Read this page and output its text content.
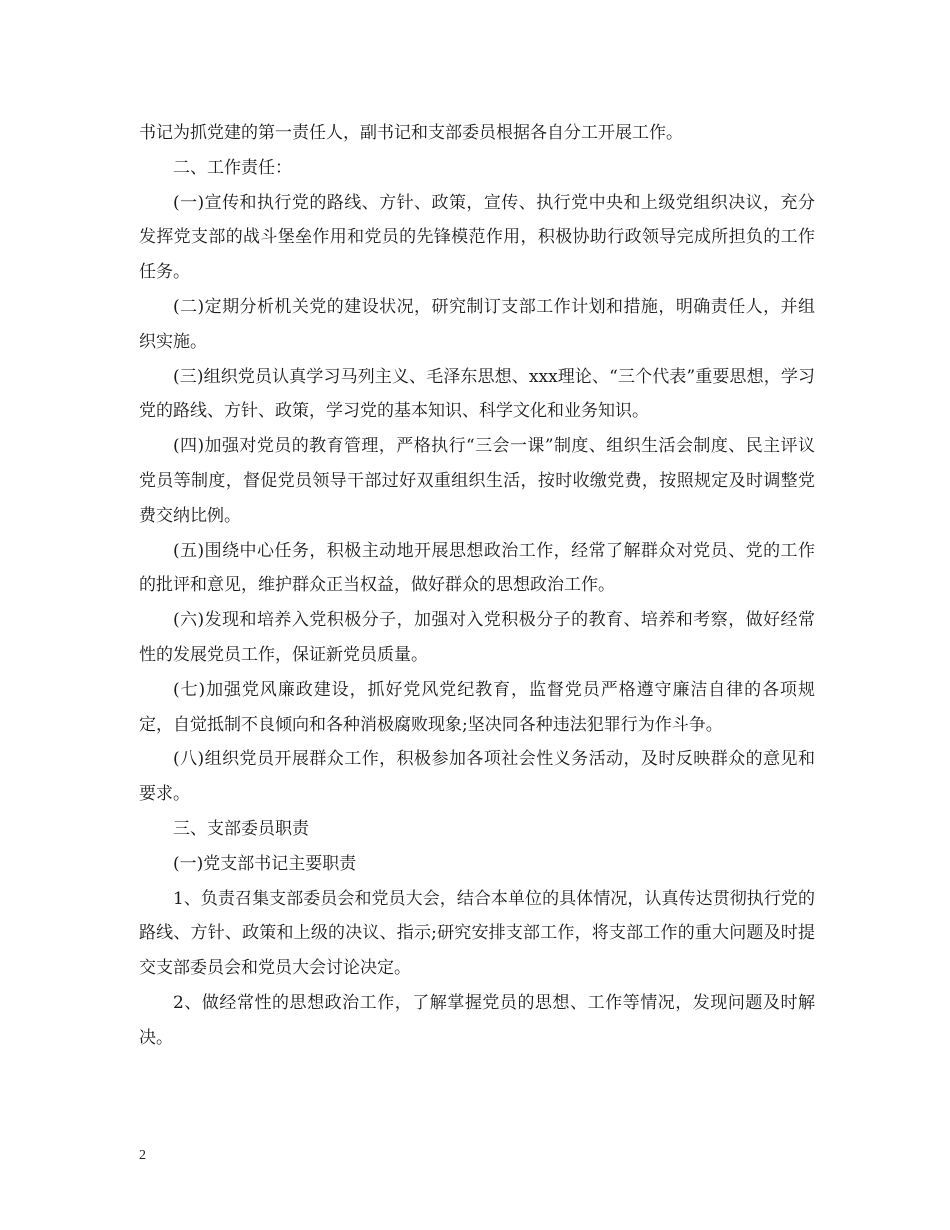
书记为抓党建的第一责任人，副书记和支部委员根据各自分工开展工作。

二、工作责任：

(一)宣传和执行党的路线、方针、政策，宣传、执行党中央和上级党组织决议，充分发挥党支部的战斗堡垒作用和党员的先锋模范作用，积极协助行政领导完成所担负的工作任务。

(二)定期分析机关党的建设状况，研究制订支部工作计划和措施，明确责任人，并组织实施。

(三)组织党员认真学习马列主义、毛泽东思想、xxx理论、“三个代表”重要思想，学习党的路线、方针、政策，学习党的基本知识、科学文化和业务知识。

(四)加强对党员的教育管理，严格执行“三会一课”制度、组织生活会制度、民主评议党员等制度，督促党员领导干部过好双重组织生活，按时收缴党费，按照规定及时调整党费交纳比例。

(五)围绕中心任务，积极主动地开展思想政治工作，经常了解群众对党员、党的工作的批评和意见，维护群众正当权益，做好群众的思想政治工作。

(六)发现和培养入党积极分子，加强对入党积极分子的教育、培养和考察，做好经常性的发展党员工作，保证新党员质量。

(七)加强党风廉政建设，抓好党风党纪教育，监督党员严格遵守廉洁自律的各项规定，自觉抵制不良倾向和各种消极腐败现象;坚决同各种违法犯罪行为作斗争。

(八)组织党员开展群众工作，积极参加各项社会性义务活动，及时反映群众的意见和要求。

三、支部委员职责

(一)党支部书记主要职责

1、负责召集支部委员会和党员大会，结合本单位的具体情况，认真传达贯彻执行党的路线、方针、政策和上级的决议、指示;研究安排支部工作，将支部工作的重大问题及时提交支部委员会和党员大会讨论决定。

2、做经常性的思想政治工作，了解掌握党员的思想、工作等情况，发现问题及时解决。

2
